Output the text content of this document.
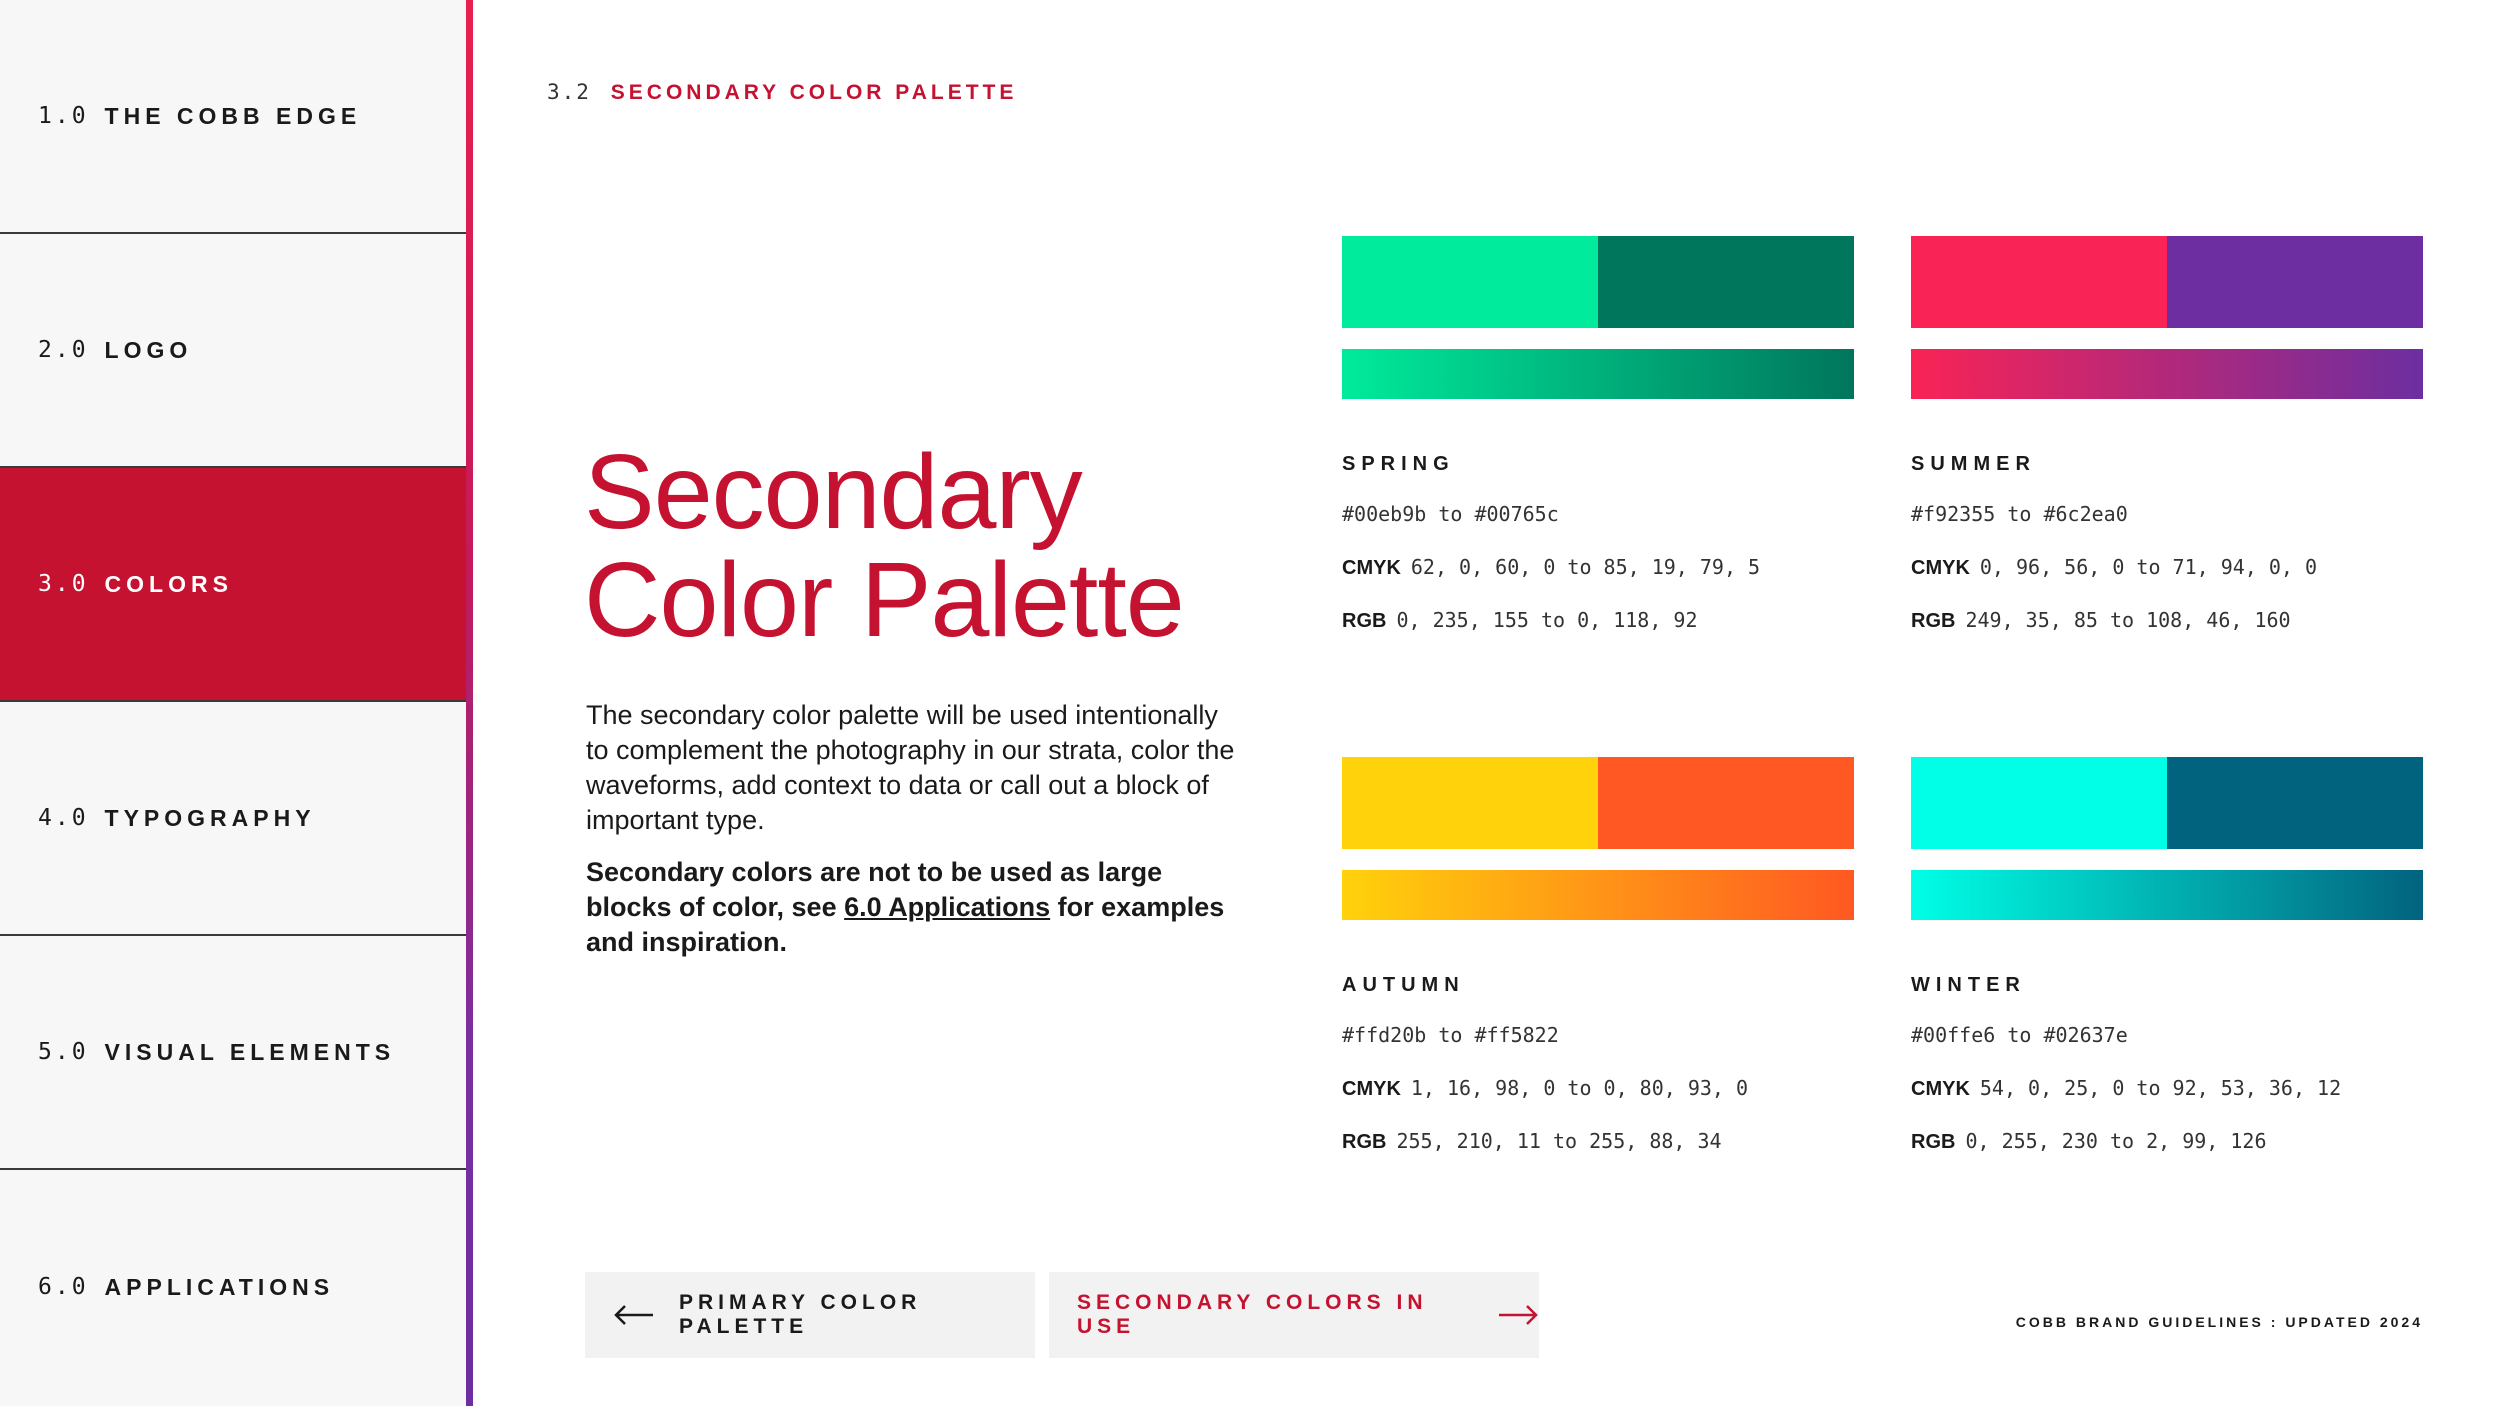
1.0 THE COBB EDGE
2.0 LOGO
3.0 COLORS
4.0 TYPOGRAPHY
5.0 VISUAL ELEMENTS
6.0 APPLICATIONS
3.2 SECONDARY COLOR PALETTE
Secondary
Color Palette

The secondary color palette will be used intentionally to complement the photography in our strata, color the waveforms, add context to data or call out a block of important type.

Secondary colors are not to be used as large blocks of color, see 6.0 Applications for examples and inspiration.

SPRING
#00eb9b to #00765c
CMYK 62, 0, 60, 0 to 85, 19, 79, 5
RGB 0, 235, 155 to 0, 118, 92
SUMMER
#f92355 to #6c2ea0
CMYK 0, 96, 56, 0 to 71, 94, 0, 0
RGB 249, 35, 85 to 108, 46, 160
AUTUMN
#ffd20b to #ff5822
CMYK 1, 16, 98, 0 to 0, 80, 93, 0
RGB 255, 210, 11 to 255, 88, 34
WINTER
#00ffe6 to #02637e
CMYK 54, 0, 25, 0 to 92, 53, 36, 12
RGB 0, 255, 230 to 2, 99, 126
PRIMARY COLOR PALETTE
SECONDARY COLORS IN USE	COBB BRAND GUIDELINES : UPDATED 2024
